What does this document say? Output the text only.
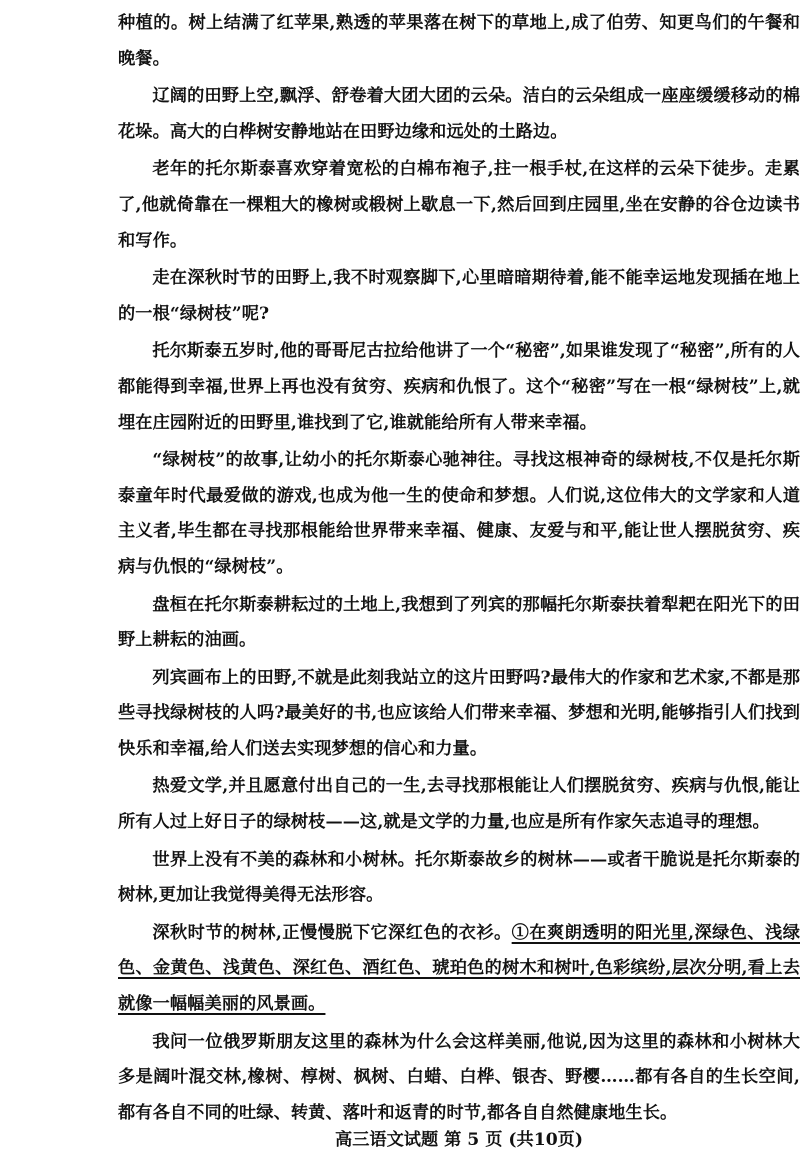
种植的。树上结满了红苹果,熟透的苹果落在树下的草地上,成了伯劳、知更鸟们的午餐和晚餐。

辽阔的田野上空,飘浮、舒卷着大团大团的云朵。洁白的云朵组成一座座缓缓移动的棉花垛。高大的白桦树安静地站在田野边缘和远处的土路边。

老年的托尔斯泰喜欢穿着宽松的白棉布袍子,拄一根手杖,在这样的云朵下徒步。走累了,他就倚靠在一棵粗大的橡树或椴树上歇息一下,然后回到庄园里,坐在安静的谷仓边读书和写作。

走在深秋时节的田野上,我不时观察脚下,心里暗暗期待着,能不能幸运地发现插在地上的一根“绿树枝”呢?

托尔斯泰五岁时,他的哥哥尼古拉给他讲了一个“秘密”,如果谁发现了“秘密”,所有的人都能得到幸福,世界上再也没有贫穷、疾病和仇恨了。这个“秘密”写在一根“绿树枝”上,就埋在庄园附近的田野里,谁找到了它,谁就能给所有人带来幸福。

“绿树枝”的故事,让幼小的托尔斯泰心驰神往。寻找这根神奇的绿树枝,不仅是托尔斯泰童年时代最爱做的游戏,也成为他一生的使命和梦想。人们说,这位伟大的文学家和人道主义者,毕生都在寻找那根能给世界带来幸福、健康、友爱与和平,能让世人摆脱贫穷、疾病与仇恨的“绿树枝”。

盘桓在托尔斯泰耕耘过的土地上,我想到了列宾的那幅托尔斯泰扶着犁耙在阳光下的田野上耕耘的油画。

列宾画布上的田野,不就是此刻我站立的这片田野吗?最伟大的作家和艺术家,不都是那些寻找绿树枝的人吗?最美好的书,也应该给人们带来幸福、梦想和光明,能够指引人们找到快乐和幸福,给人们送去实现梦想的信心和力量。

热爱文学,并且愿意付出自己的一生,去寻找那根能让人们摆脱贫穷、疾病与仇恨,能让所有人过上好日子的绿树枝——这,就是文学的力量,也应是所有作家矢志追寻的理想。

世界上没有不美的森林和小树林。托尔斯泰故乡的树林——或者干脆说是托尔斯泰的树林,更加让我觉得美得无法形容。

深秋时节的树林,正慢慢脱下它深红色的衣衫。①在爽朗透明的阳光里,深绿色、浅绿色、金黄色、浅黄色、深红色、酒红色、琥珀色的树木和树叶,色彩缤纷,层次分明,看上去就像一幅幅美丽的风景画。

我问一位俄罗斯朋友这里的森林为什么会这样美丽,他说,因为这里的森林和小树林大多是阔叶混交林,橡树、椁树、枫树、白蜡、白桦、银杏、野樱……都有各自的生长空间,都有各自不同的吐绿、转黄、落叶和返青的时节,都各自自然健康地生长。

高三语文试题 第 5 页 (共10页)
